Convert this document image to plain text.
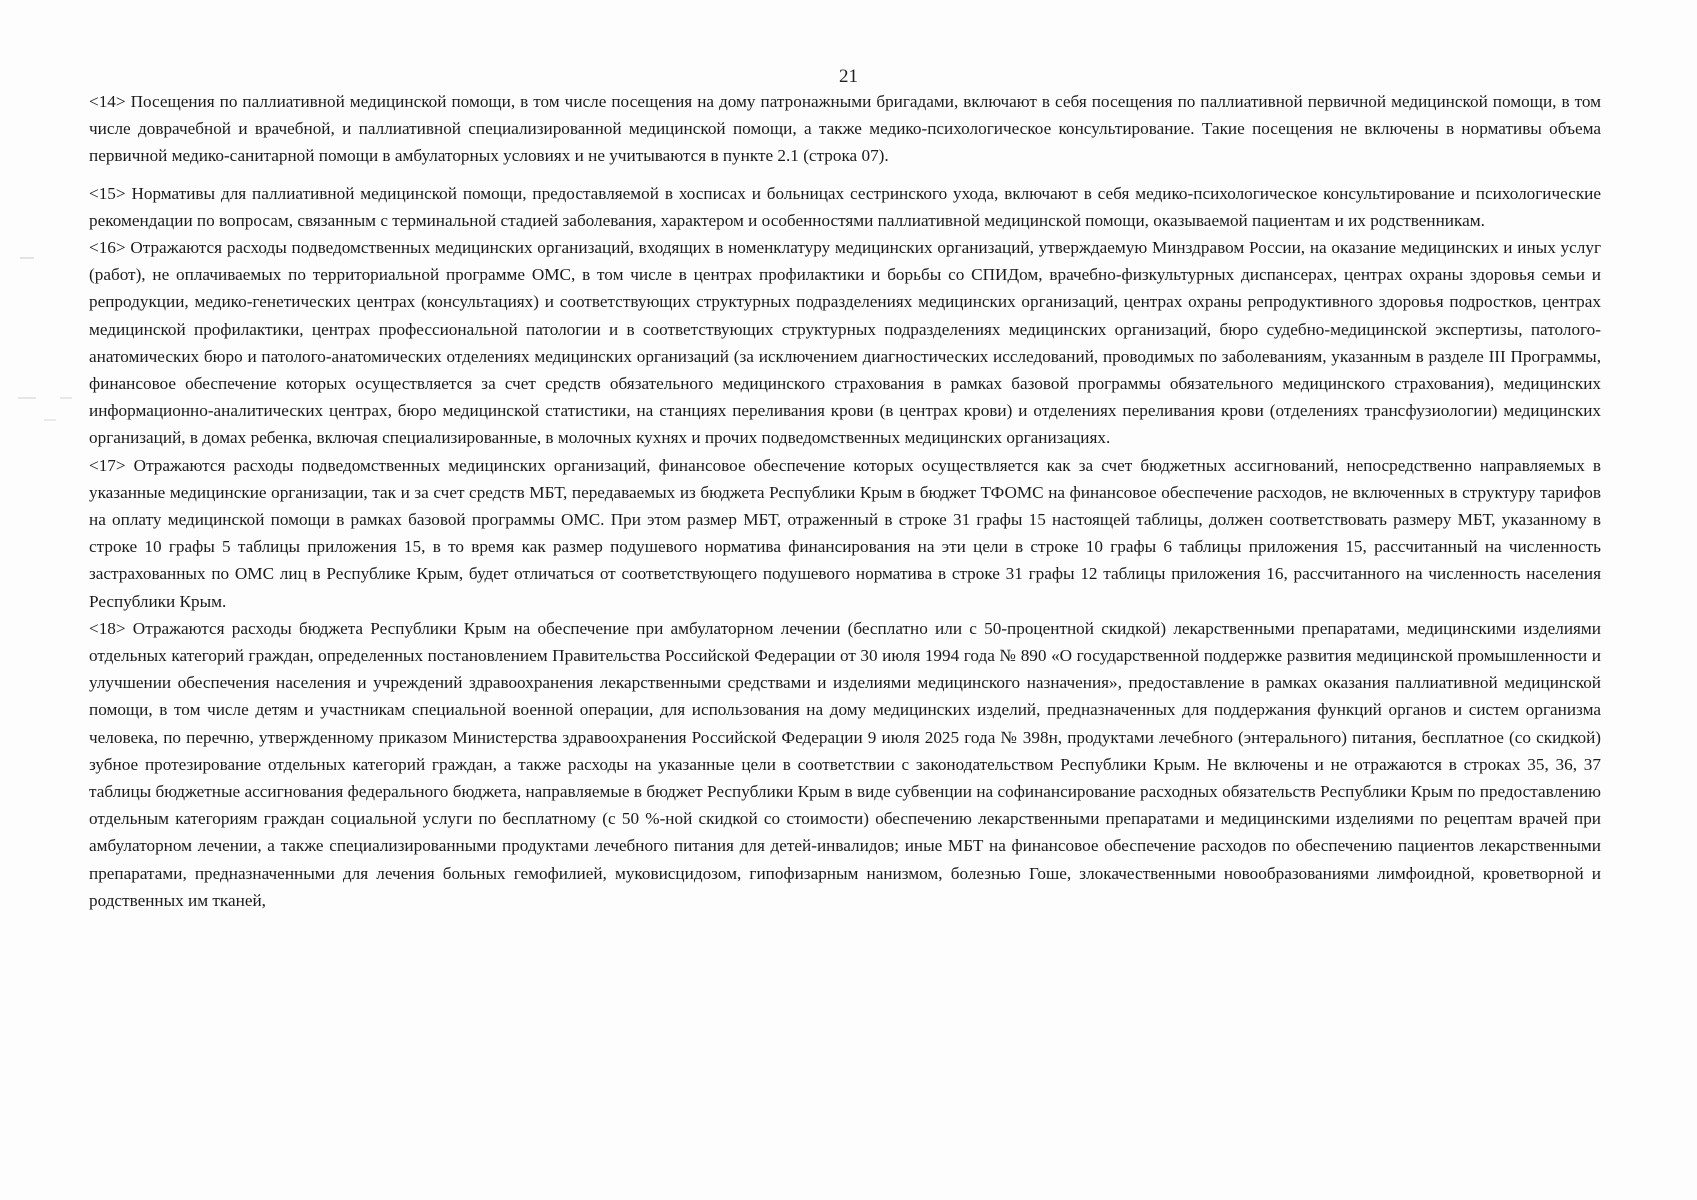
21

<14> Посещения по паллиативной медицинской помощи, в том числе посещения на дому патронажными бригадами, включают в себя посещения по паллиативной первичной медицинской помощи, в том числе доврачебной и врачебной, и паллиативной специализированной медицинской помощи, а также медико-психологическое консультирование. Такие посещения не включены в нормативы объема первичной медико-санитарной помощи в амбулаторных условиях и не учитываются в пункте 2.1 (строка 07).

<15> Нормативы для паллиативной медицинской помощи, предоставляемой в хосписах и больницах сестринского ухода, включают в себя медико-психологическое консультирование и психологические рекомендации по вопросам, связанным с терминальной стадией заболевания, характером и особенностями паллиативной медицинской помощи, оказываемой пациентам и их родственникам.

<16> Отражаются расходы подведомственных медицинских организаций, входящих в номенклатуру медицинских организаций, утверждаемую Минздравом России, на оказание медицинских и иных услуг (работ), не оплачиваемых по территориальной программе ОМС, в том числе в центрах профилактики и борьбы со СПИДом, врачебно-физкультурных диспансерах, центрах охраны здоровья семьи и репродукции, медико-генетических центрах (консультациях) и соответствующих структурных подразделениях медицинских организаций, центрах охраны репродуктивного здоровья подростков, центрах медицинской профилактики, центрах профессиональной патологии и в соответствующих структурных подразделениях медицинских организаций, бюро судебно-медицинской экспертизы, патолого-анатомических бюро и патолого-анатомических отделениях медицинских организаций (за исключением диагностических исследований, проводимых по заболеваниям, указанным в разделе III Программы, финансовое обеспечение которых осуществляется за счет средств обязательного медицинского страхования в рамках базовой программы обязательного медицинского страхования), медицинских информационно-аналитических центрах, бюро медицинской статистики, на станциях переливания крови (в центрах крови) и отделениях переливания крови (отделениях трансфузиологии) медицинских организаций, в домах ребенка, включая специализированные, в молочных кухнях и прочих подведомственных медицинских организациях.

<17> Отражаются расходы подведомственных медицинских организаций, финансовое обеспечение которых осуществляется как за счет бюджетных ассигнований, непосредственно направляемых в указанные медицинские организации, так и за счет средств МБТ, передаваемых из бюджета Республики Крым в бюджет ТФОМС на финансовое обеспечение расходов, не включенных в структуру тарифов на оплату медицинской помощи в рамках базовой программы ОМС. При этом размер МБТ, отраженный в строке 31 графы 15 настоящей таблицы, должен соответствовать размеру МБТ, указанному в строке 10 графы 5 таблицы приложения 15, в то время как размер подушевого норматива финансирования на эти цели в строке 10 графы 6 таблицы приложения 15, рассчитанный на численность застрахованных по ОМС лиц в Республике Крым, будет отличаться от соответствующего подушевого норматива в строке 31 графы 12 таблицы приложения 16, рассчитанного на численность населения Республики Крым.

<18> Отражаются расходы бюджета Республики Крым на обеспечение при амбулаторном лечении (бесплатно или с 50-процентной скидкой) лекарственными препаратами, медицинскими изделиями отдельных категорий граждан, определенных постановлением Правительства Российской Федерации от 30 июля 1994 года № 890 «О государственной поддержке развития медицинской промышленности и улучшении обеспечения населения и учреждений здравоохранения лекарственными средствами и изделиями медицинского назначения», предоставление в рамках оказания паллиативной медицинской помощи, в том числе детям и участникам специальной военной операции, для использования на дому медицинских изделий, предназначенных для поддержания функций органов и систем организма человека, по перечню, утвержденному приказом Министерства здравоохранения Российской Федерации 9 июля 2025 года № 398н, продуктами лечебного (энтерального) питания, бесплатное (со скидкой) зубное протезирование отдельных категорий граждан, а также расходы на указанные цели в соответствии с законодательством Республики Крым. Не включены и не отражаются в строках 35, 36, 37 таблицы бюджетные ассигнования федерального бюджета, направляемые в бюджет Республики Крым в виде субвенции на софинансирование расходных обязательств Республики Крым по предоставлению отдельным категориям граждан социальной услуги по бесплатному (с 50 %-ной скидкой со стоимости) обеспечению лекарственными препаратами и медицинскими изделиями по рецептам врачей при амбулаторном лечении, а также специализированными продуктами лечебного питания для детей-инвалидов; иные МБТ на финансовое обеспечение расходов по обеспечению пациентов лекарственными препаратами, предназначенными для лечения больных гемофилией, муковисцидозом, гипофизарным нанизмом, болезнью Гоше, злокачественными новообразованиями лимфоидной, кроветворной и родственных им тканей,
